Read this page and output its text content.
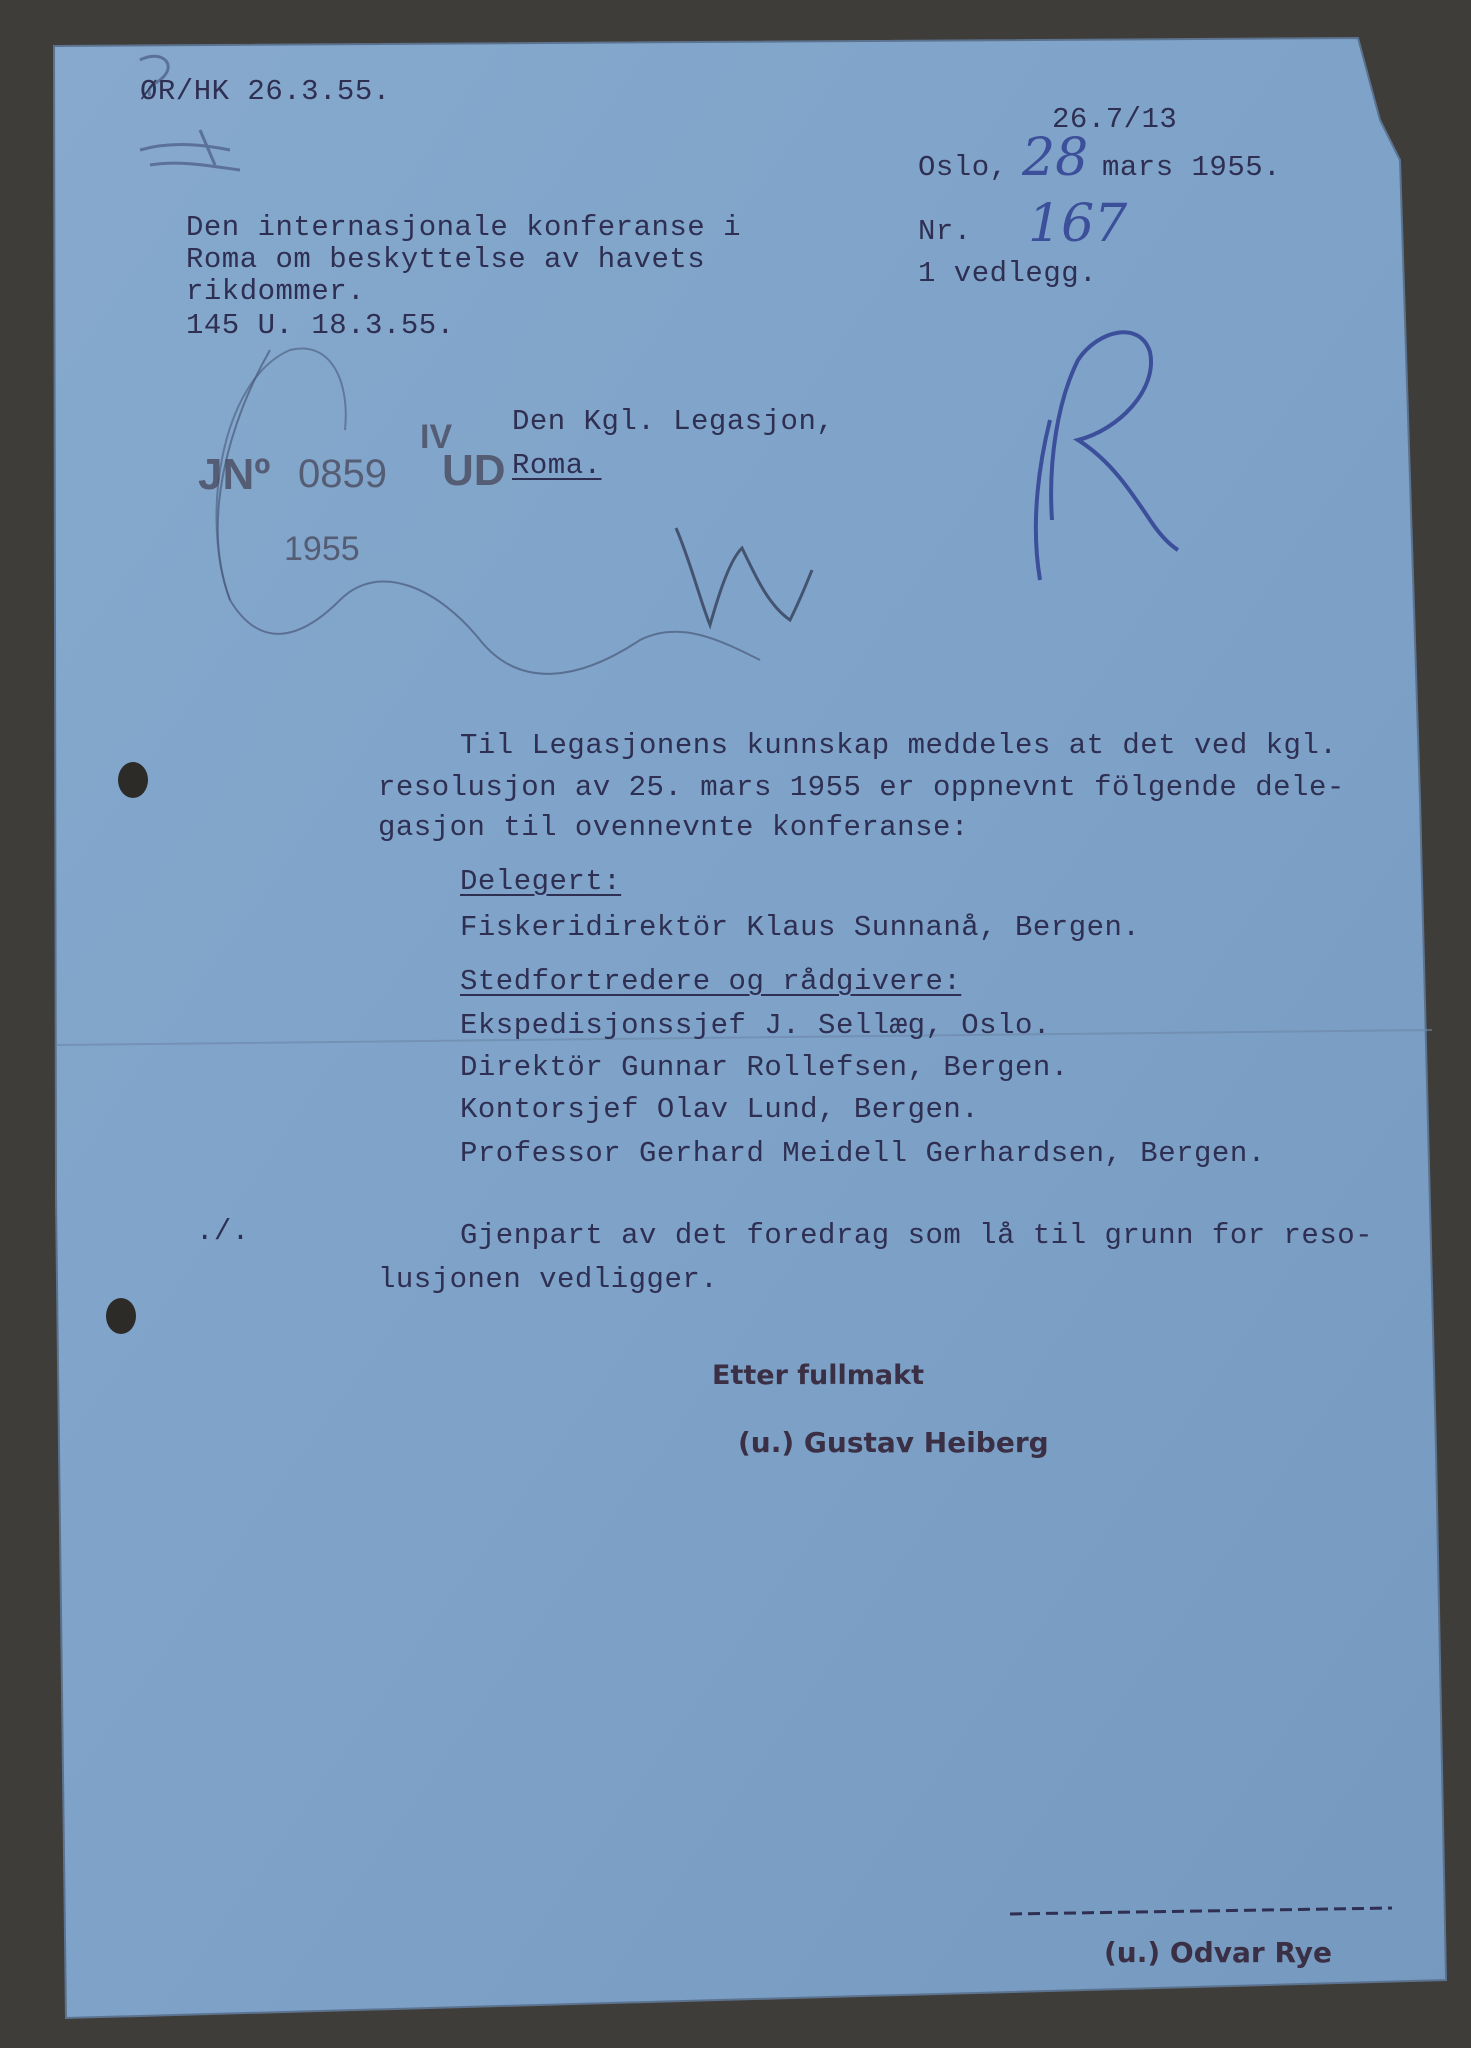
ØR/HK 26.3.55.

26.7/13

Oslo, 28 mars 1955.

Nr. 167

1 vedlegg.

Den internasjonale konferanse i

Roma om beskyttelse av havets

rikdommer.

145 U. 18.3.55.

JNº 0859
IV
UD
1955

Den Kgl. Legasjon,

Roma.

Til Legasjonens kunnskap meddeles at det ved kgl.

resolusjon av 25. mars 1955 er oppnevnt fölgende dele-

gasjon til ovennevnte konferanse:

Delegert:

Fiskeridirektör Klaus Sunnanå, Bergen.

Stedfortredere og rådgivere:

Ekspedisjonssjef J. Sellæg, Oslo.

Direktör Gunnar Rollefsen, Bergen.

Kontorsjef Olav Lund, Bergen.

Professor Gerhard Meidell Gerhardsen, Bergen.

./.	Gjenpart av det foredrag som lå til grunn for reso-

lusjonen vedligger.

Etter fullmakt
(u.) Gustav Heiberg
(u.) Odvar Rye
